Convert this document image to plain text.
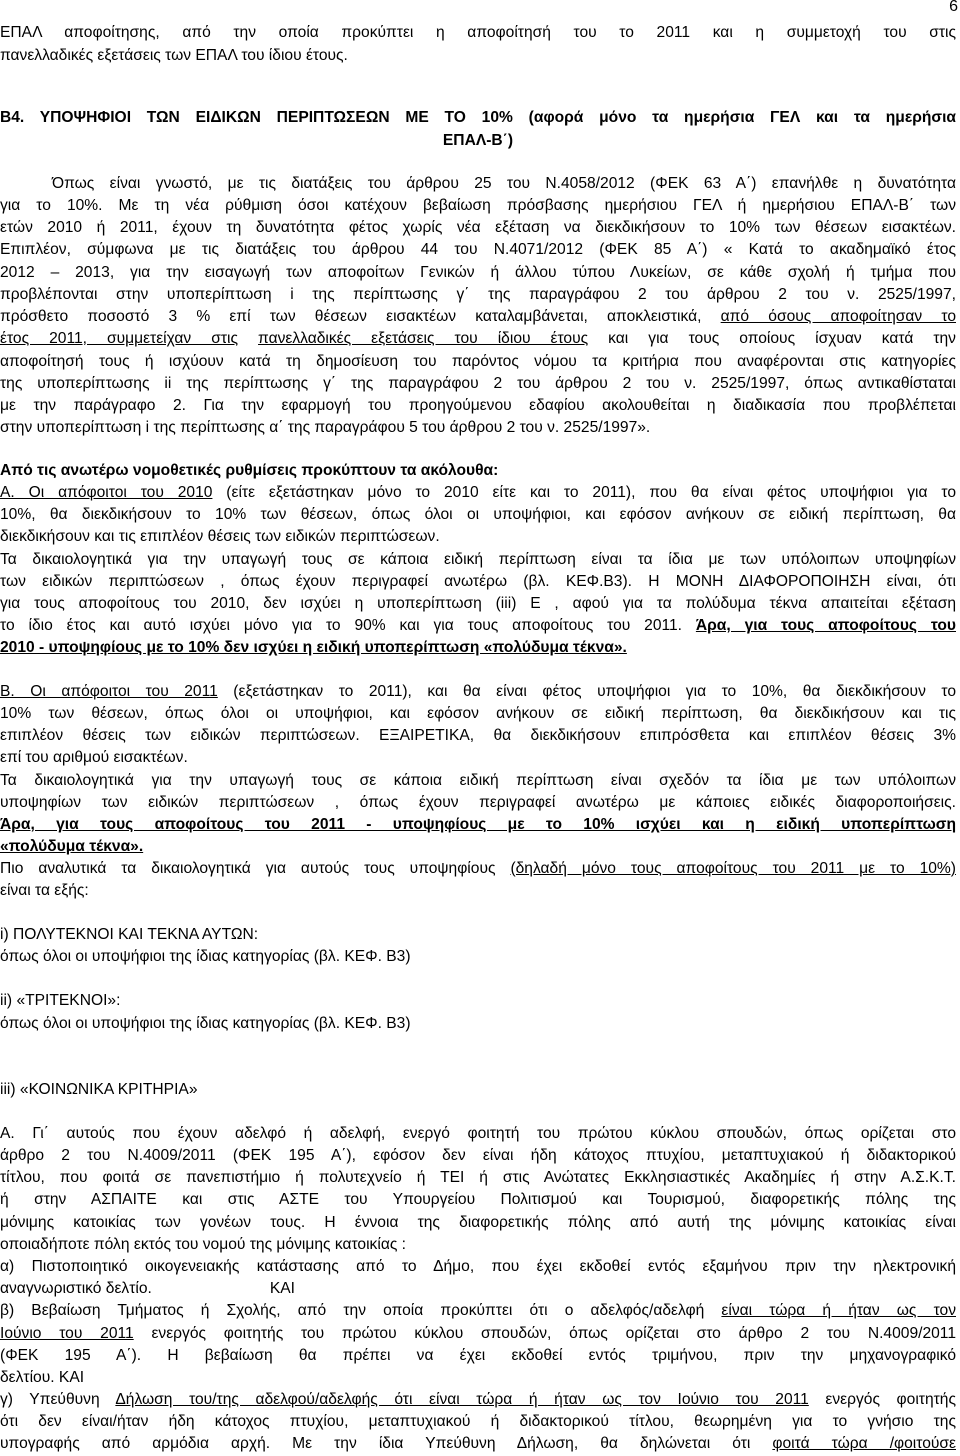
6
ΕΠΑΛ αποφοίτησης, από την οποία προκύπτει η αποφοίτησή του το 2011 και η συμμετοχή του στις
πανελλαδικές εξετάσεις των ΕΠΑΛ του ίδιου έτους.
Β4. ΥΠΟΨΗΦΙΟΙ ΤΩΝ ΕΙΔΙΚΩΝ ΠΕΡΙΠΤΩΣΕΩΝ ΜΕ ΤΟ 10% (αφορά μόνο τα ημερήσια ΓΕΛ και τα ημερήσια
ΕΠΑΛ-Β΄)
Όπως είναι γνωστό, με τις διατάξεις του άρθρου 25 του Ν.4058/2012 (ΦΕΚ 63 Α΄) επανήλθε η δυνατότητα
για το 10%. Με τη νέα ρύθμιση όσοι κατέχουν βεβαίωση πρόσβασης ημερήσιου ΓΕΛ ή ημερήσιου ΕΠΑΛ-Β΄ των
ετών 2010 ή 2011, έχουν τη δυνατότητα φέτος χωρίς νέα εξέταση να διεκδικήσουν το 10% των θέσεων εισακτέων.
Επιπλέον, σύμφωνα με τις διατάξεις του άρθρου 44 του Ν.4071/2012 (ΦΕΚ 85 Α΄) « Κατά το ακαδημαϊκό έτος
2012 – 2013, για την εισαγωγή των αποφοίτων Γενικών ή άλλου τύπου Λυκείων, σε κάθε σχολή ή τμήμα που
προβλέπονται στην υποπερίπτωση i της περίπτωσης γ΄ της παραγράφου 2 του άρθρου 2 του ν. 2525/1997,
πρόσθετο ποσοστό 3 % επί των θέσεων εισακτέων καταλαμβάνεται, αποκλειστικά, από όσους αποφοίτησαν το
έτος 2011, συμμετείχαν στις πανελλαδικές εξετάσεις του ίδιου έτους και για τους οποίους ίσχυαν κατά την
αποφοίτησή τους ή ισχύουν κατά τη δημοσίευση του παρόντος νόμου τα κριτήρια που αναφέρονται στις κατηγορίες
της υποπερίπτωσης ii της περίπτωσης γ΄ της παραγράφου 2 του άρθρου 2 του ν. 2525/1997, όπως αντικαθίσταται
με την παράγραφο 2. Για την εφαρμογή του προηγούμενου εδαφίου ακολουθείται η διαδικασία που προβλέπεται
στην υποπερίπτωση i της περίπτωσης α΄ της παραγράφου 5 του άρθρου 2 του ν. 2525/1997».
Από τις ανωτέρω νομοθετικές ρυθμίσεις προκύπτουν τα ακόλουθα:
Α. Οι απόφοιτοι του 2010 (είτε εξετάστηκαν μόνο το 2010 είτε και το 2011), που θα είναι φέτος υποψήφιοι για το
10%, θα διεκδικήσουν το 10% των θέσεων, όπως όλοι οι υποψήφιοι, και εφόσον ανήκουν σε ειδική περίπτωση, θα
διεκδικήσουν και τις επιπλέον θέσεις των ειδικών περιπτώσεων.
Τα δικαιολογητικά για την υπαγωγή τους σε κάποια ειδική περίπτωση είναι τα ίδια με των υπόλοιπων υποψηφίων
των ειδικών περιπτώσεων , όπως έχουν περιγραφεί ανωτέρω (βλ. ΚΕΦ.Β3). Η ΜΟΝΗ ΔΙΑΦΟΡΟΠΟΙΗΣΗ είναι, ότι
για τους αποφοίτους του 2010, δεν ισχύει η υποπερίπτωση (iii) Ε , αφού για τα πολύδυμα τέκνα απαιτείται εξέταση
το ίδιο έτος και αυτό ισχύει μόνο για το 90% και για τους αποφοίτους του 2011. Άρα, για τους αποφοίτους του
2010 - υποψηφίους με το 10% δεν ισχύει η ειδική υποπερίπτωση «πολύδυμα τέκνα».
Β. Οι απόφοιτοι του 2011 (εξετάστηκαν το 2011), και θα είναι φέτος υποψήφιοι για το 10%, θα διεκδικήσουν το
10% των θέσεων, όπως όλοι οι υποψήφιοι, και εφόσον ανήκουν σε ειδική περίπτωση, θα διεκδικήσουν και τις
επιπλέον θέσεις των ειδικών περιπτώσεων. ΕΞΑΙΡΕΤΙΚΑ, θα διεκδικήσουν επιπρόσθετα και επιπλέον θέσεις 3%
επί του αριθμού εισακτέων.
Τα δικαιολογητικά για την υπαγωγή τους σε κάποια ειδική περίπτωση είναι σχεδόν τα ίδια με των υπόλοιπων
υποψηφίων των ειδικών περιπτώσεων , όπως έχουν περιγραφεί ανωτέρω με κάποιες ειδικές διαφοροποιήσεις.
Άρα, για τους αποφοίτους του 2011 - υποψηφίους με το 10% ισχύει και η ειδική υποπερίπτωση
«πολύδυμα τέκνα».
Πιο αναλυτικά τα δικαιολογητικά για αυτούς τους υποψηφίους (δηλαδή μόνο τους αποφοίτους του 2011 με το 10%)
είναι τα εξής:
i) ΠΟΛΥΤΕΚΝΟΙ ΚΑΙ ΤΕΚΝΑ ΑΥΤΩΝ:
όπως όλοι οι υποψήφιοι της ίδιας κατηγορίας (βλ. ΚΕΦ. Β3)
ii) «ΤΡΙΤΕΚΝΟΙ»:
όπως όλοι οι υποψήφιοι της ίδιας κατηγορίας (βλ. ΚΕΦ. Β3)
iii) «ΚΟΙΝΩΝΙΚΑ ΚΡΙΤΗΡΙΑ»
Α. Γι΄ αυτούς που έχουν αδελφό ή αδελφή, ενεργό φοιτητή του πρώτου κύκλου σπουδών, όπως ορίζεται στο
άρθρο 2 του Ν.4009/2011 (ΦΕΚ 195 Α΄), εφόσον δεν είναι ήδη κάτοχος πτυχίου, μεταπτυχιακού ή διδακτορικού
τίτλου, που φοιτά σε πανεπιστήμιο ή πολυτεχνείο ή ΤΕΙ ή στις Ανώτατες Εκκλησιαστικές Ακαδημίες ή στην Α.Σ.Κ.Τ.
ή στην ΑΣΠΑΙΤΕ και στις ΑΣΤΕ του Υπουργείου Πολιτισμού και Τουρισμού, διαφορετικής πόλης της
μόνιμης κατοικίας των γονέων τους. Η έννοια της διαφορετικής πόλης από αυτή της μόνιμης κατοικίας είναι
οποιαδήποτε πόλη εκτός του νομού της μόνιμης κατοικίας :
α) Πιστοποιητικό οικογενειακής κατάστασης από το Δήμο, που έχει εκδοθεί εντός εξαμήνου πριν την ηλεκτρονική
αναγνωριστικό δελτίο.	ΚΑΙ
β) Βεβαίωση Τμήματος ή Σχολής, από την οποία προκύπτει ότι ο αδελφός/αδελφή είναι τώρα ή ήταν ως τον
Ιούνιο του 2011 ενεργός φοιτητής του πρώτου κύκλου σπουδών, όπως ορίζεται στο άρθρο 2 του Ν.4009/2011
(ΦΕΚ 195 Α΄). Η βεβαίωση θα πρέπει να έχει εκδοθεί εντός τριμήνου, πριν την μηχανογραφικό
δελτίου. ΚΑΙ
γ) Υπεύθυνη Δήλωση του/της αδελφού/αδελφής ότι είναι τώρα ή ήταν ως τον Ιούνιο του 2011 ενεργός φοιτητής
ότι δεν είναι/ήταν ήδη κάτοχος πτυχίου, μεταπτυχιακού ή διδακτορικού τίτλου, θεωρημένη για το γνήσιο της
υπογραφής από αρμόδια αρχή. Με την ίδια Υπεύθυνη Δήλωση, θα δηλώνεται ότι φοιτά τώρα /φοιτούσε
